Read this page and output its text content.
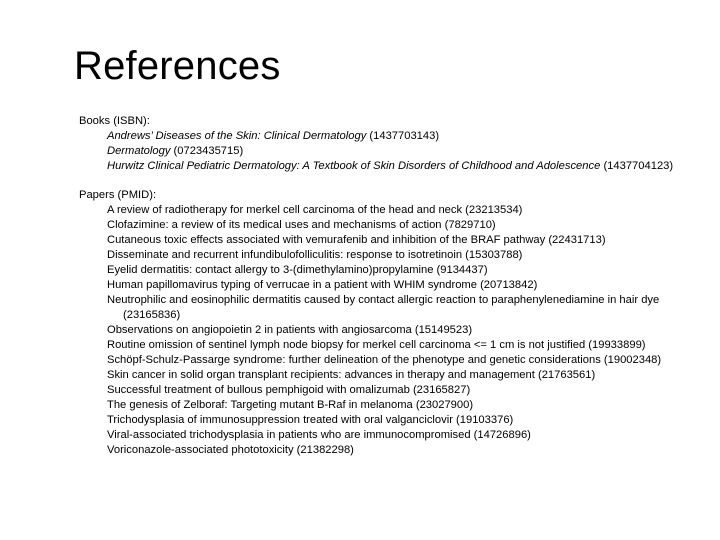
References

Books (ISBN):

Andrews’ Diseases of the Skin: Clinical Dermatology (1437703143)
Dermatology (0723435715)
Hurwitz Clinical Pediatric Dermatology: A Textbook of Skin Disorders of Childhood and Adolescence (1437704123)

Papers (PMID):

A review of radiotherapy for merkel cell carcinoma of the head and neck (23213534)
Clofazimine: a review of its medical uses and mechanisms of action (7829710)
Cutaneous toxic effects associated with vemurafenib and inhibition of the BRAF pathway (22431713)
Disseminate and recurrent infundibulofolliculitis: response to isotretinoin (15303788)
Eyelid dermatitis: contact allergy to 3-(dimethylamino)propylamine (9134437)
Human papillomavirus typing of verrucae in a patient with WHIM syndrome (20713842)
Neutrophilic and eosinophilic dermatitis caused by contact allergic reaction to paraphenylenediamine in hair dye (23165836)
Observations on angiopoietin 2 in patients with angiosarcoma (15149523)
Routine omission of sentinel lymph node biopsy for merkel cell carcinoma <= 1 cm is not justified (19933899)
Schöpf-Schulz-Passarge syndrome: further delineation of the phenotype and genetic considerations (19002348)
Skin cancer in solid organ transplant recipients: advances in therapy and management (21763561)
Successful treatment of bullous pemphigoid with omalizumab (23165827)
The genesis of Zelboraf: Targeting mutant B-Raf in melanoma (23027900)
Trichodysplasia of immunosuppression treated with oral valganciclovir (19103376)
Viral-associated trichodysplasia in patients who are immunocompromised (14726896)
Voriconazole-associated phototoxicity (21382298)
